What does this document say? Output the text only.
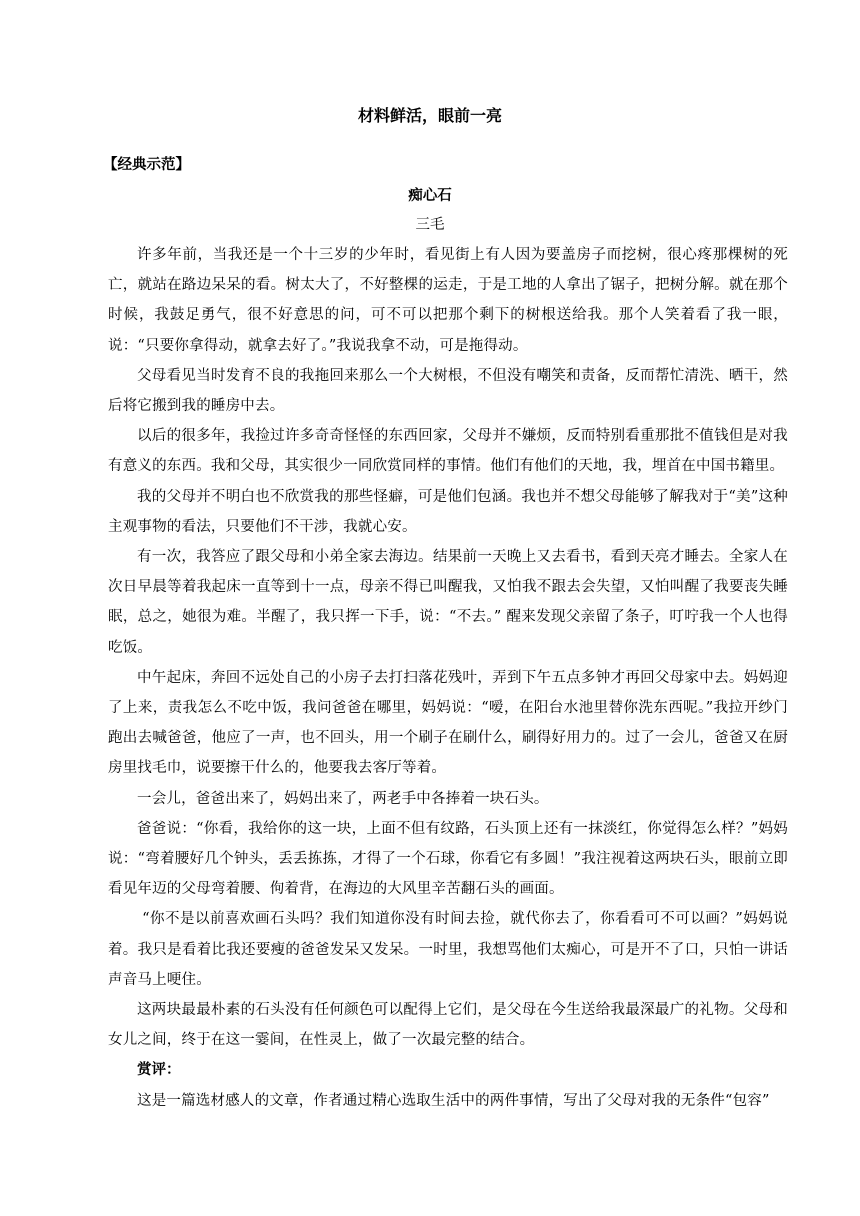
材料鲜活，眼前一亮
【经典示范】
痴心石
三毛

许多年前，当我还是一个十三岁的少年时，看见街上有人因为要盖房子而挖树，很心疼那棵树的死亡，就站在路边呆呆的看。树太大了，不好整棵的运走，于是工地的人拿出了锯子，把树分解。就在那个时候，我鼓足勇气，很不好意思的问，可不可以把那个剩下的树根送给我。那个人笑着看了我一眼，说：“只要你拿得动，就拿去好了。”我说我拿不动，可是拖得动。

父母看见当时发育不良的我拖回来那么一个大树根，不但没有嘲笑和责备，反而帮忙清洗、晒干，然后将它搬到我的睡房中去。

以后的很多年，我捡过许多奇奇怪怪的东西回家，父母并不嫌烦，反而特别看重那批不值钱但是对我有意义的东西。我和父母，其实很少一同欣赏同样的事情。他们有他们的天地，我，埋首在中国书籍里。

我的父母并不明白也不欣赏我的那些怪癖，可是他们包涵。我也并不想父母能够了解我对于“美”这种主观事物的看法，只要他们不干涉，我就心安。

有一次，我答应了跟父母和小弟全家去海边。结果前一天晚上又去看书，看到天亮才睡去。全家人在次日早晨等着我起床一直等到十一点，母亲不得已叫醒我，又怕我不跟去会失望，又怕叫醒了我要丧失睡眠，总之，她很为难。半醒了，我只挥一下手，说：“不去。” 醒来发现父亲留了条子，叮咛我一个人也得吃饭。

中午起床，奔回不远处自己的小房子去打扫落花残叶，弄到下午五点多钟才再回父母家中去。妈妈迎了上来，责我怎么不吃中饭，我问爸爸在哪里，妈妈说：“嗳，在阳台水池里替你洗东西呢。”我拉开纱门跑出去喊爸爸，他应了一声，也不回头，用一个刷子在刷什么，刷得好用力的。过了一会儿，爸爸又在厨房里找毛巾，说要擦干什么的，他要我去客厅等着。

一会儿，爸爸出来了，妈妈出来了，两老手中各捧着一块石头。

爸爸说：“你看，我给你的这一块，上面不但有纹路，石头顶上还有一抹淡红，你觉得怎么样？”妈妈说：“弯着腰好几个钟头，丢丢拣拣，才得了一个石球，你看它有多圆！”我注视着这两块石头，眼前立即看见年迈的父母弯着腰、佝着背，在海边的大风里辛苦翻石头的画面。

“你不是以前喜欢画石头吗？我们知道你没有时间去捡，就代你去了，你看看可不可以画？”妈妈说着。我只是看着比我还要瘦的爸爸发呆又发呆。一时里，我想骂他们太痴心，可是开不了口，只怕一讲话声音马上哽住。

这两块最最朴素的石头没有任何颜色可以配得上它们，是父母在今生送给我最深最广的礼物。父母和女儿之间，终于在这一霎间，在性灵上，做了一次最完整的结合。

赏评：

这是一篇选材感人的文章，作者通过精心选取生活中的两件事情，写出了父母对我的无条件“包容”
